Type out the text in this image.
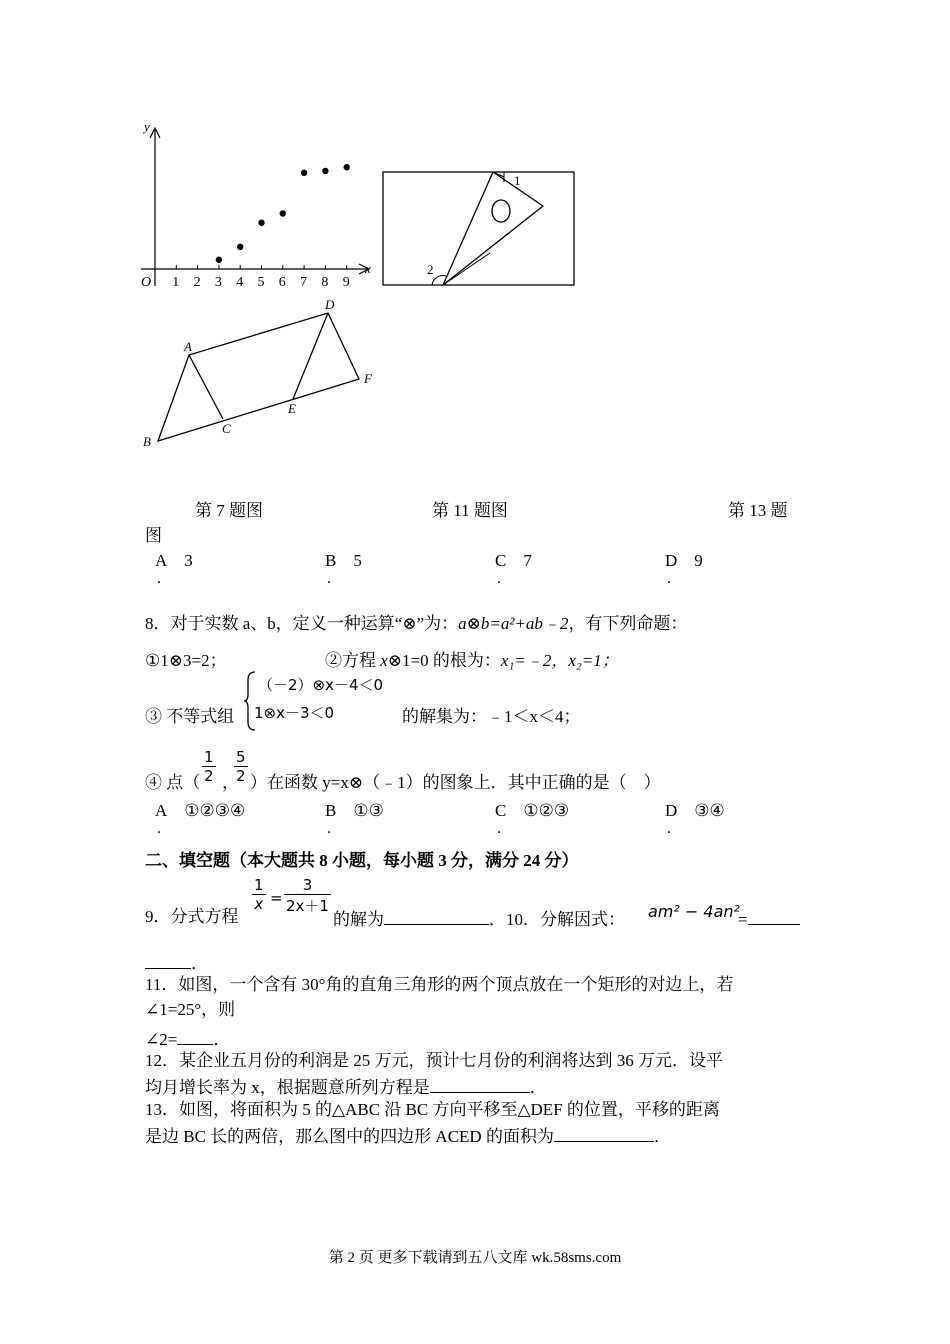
y
x
O 1 2 3 4 5 6 7 8 9
1
2
A
B
C
D
E
F
第 7 题图	第 11 题图	第 13 题
图
A 3
.
B 5
.
C 7
.
D 9
.
8．对于实数 a、b，定义一种运算“⊗”为：a⊗b=a²+ab﹣2，有下列命题：
①1⊗3=2；	②方程 x⊗1=0 的根为：x₁=﹣2，x₂=1；
③ 不等式组
（－2）⊗x－4＜0
1⊗x－3＜0	的解集为：﹣1＜x＜4；
④ 点（ $\frac{1}{2}$ ，
$\frac{5}{2}$ ）在函数 y=x⊗（﹣1）的图象上．其中正确的是（　）
A ①②③④
.
B ①③
.
C ①②③
.
D ③④
.
二、填空题（本大题共 8 小题，每小题 3 分，满分 24 分）
9．分式方程
$\frac{1}{x} = \frac{3}{2x+1}$
的解为	．10．分解因式： am² − 4an²
=
．
11．如图，一个含有 30°角的直角三角形的两个顶点放在一个矩形的对边上，若
∠1=25°，则
∠2= ．
12．某企业五月份的利润是 25 万元，预计七月份的利润将达到 36 万元．设平
均月增长率为 x，根据题意所列方程是	．
13．如图，将面积为 5 的△ABC 沿 BC 方向平移至△DEF 的位置，平移的距离
是边 BC 长的两倍，那么图中的四边形 ACED 的面积为	．
第 2 页 更多下载请到五八文库 wk.58sms.com
